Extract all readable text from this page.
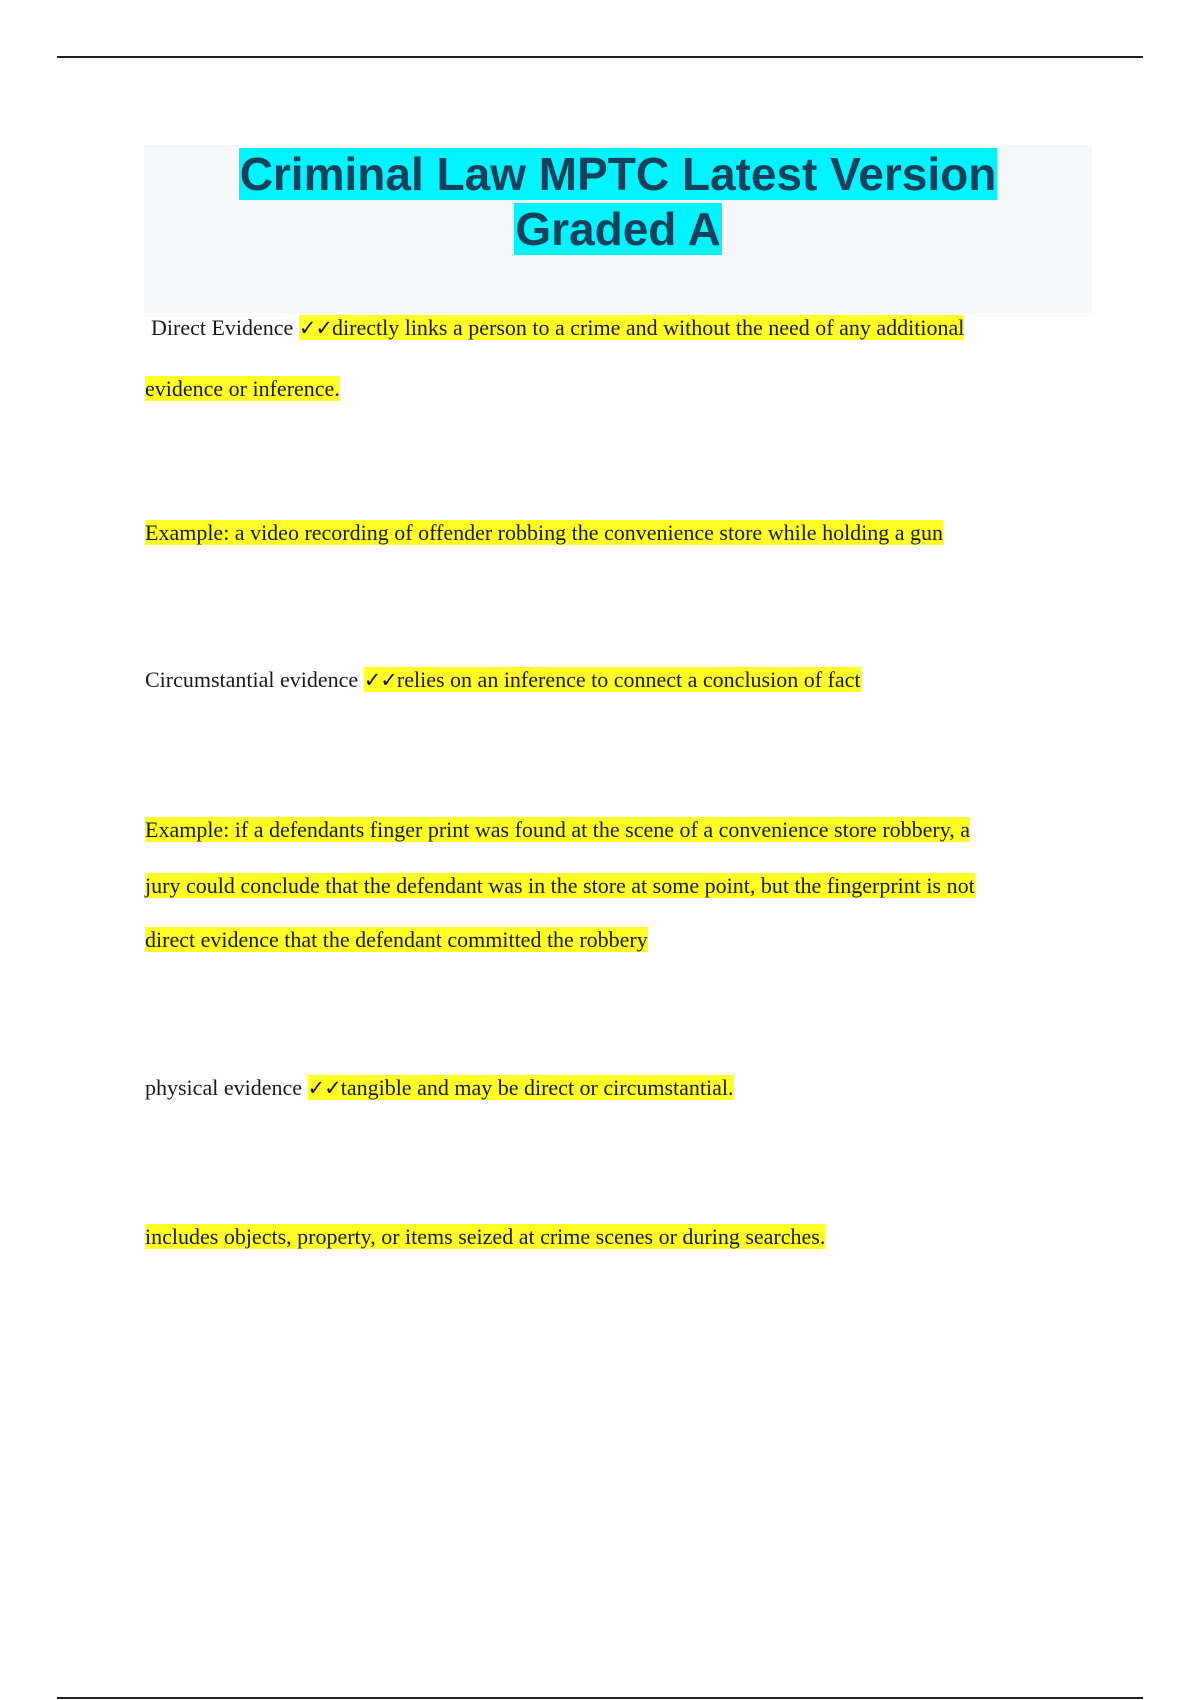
Criminal Law MPTC Latest Version
Graded A

Direct Evidence ✓✓directly links a person to a crime and without the need of any additional

evidence or inference.

Example: a video recording of offender robbing the convenience store while holding a gun

Circumstantial evidence ✓✓relies on an inference to connect a conclusion of fact

Example: if a defendants finger print was found at the scene of a convenience store robbery, a

jury could conclude that the defendant was in the store at some point, but the fingerprint is not

direct evidence that the defendant committed the robbery

physical evidence ✓✓tangible and may be direct or circumstantial.

includes objects, property, or items seized at crime scenes or during searches.
